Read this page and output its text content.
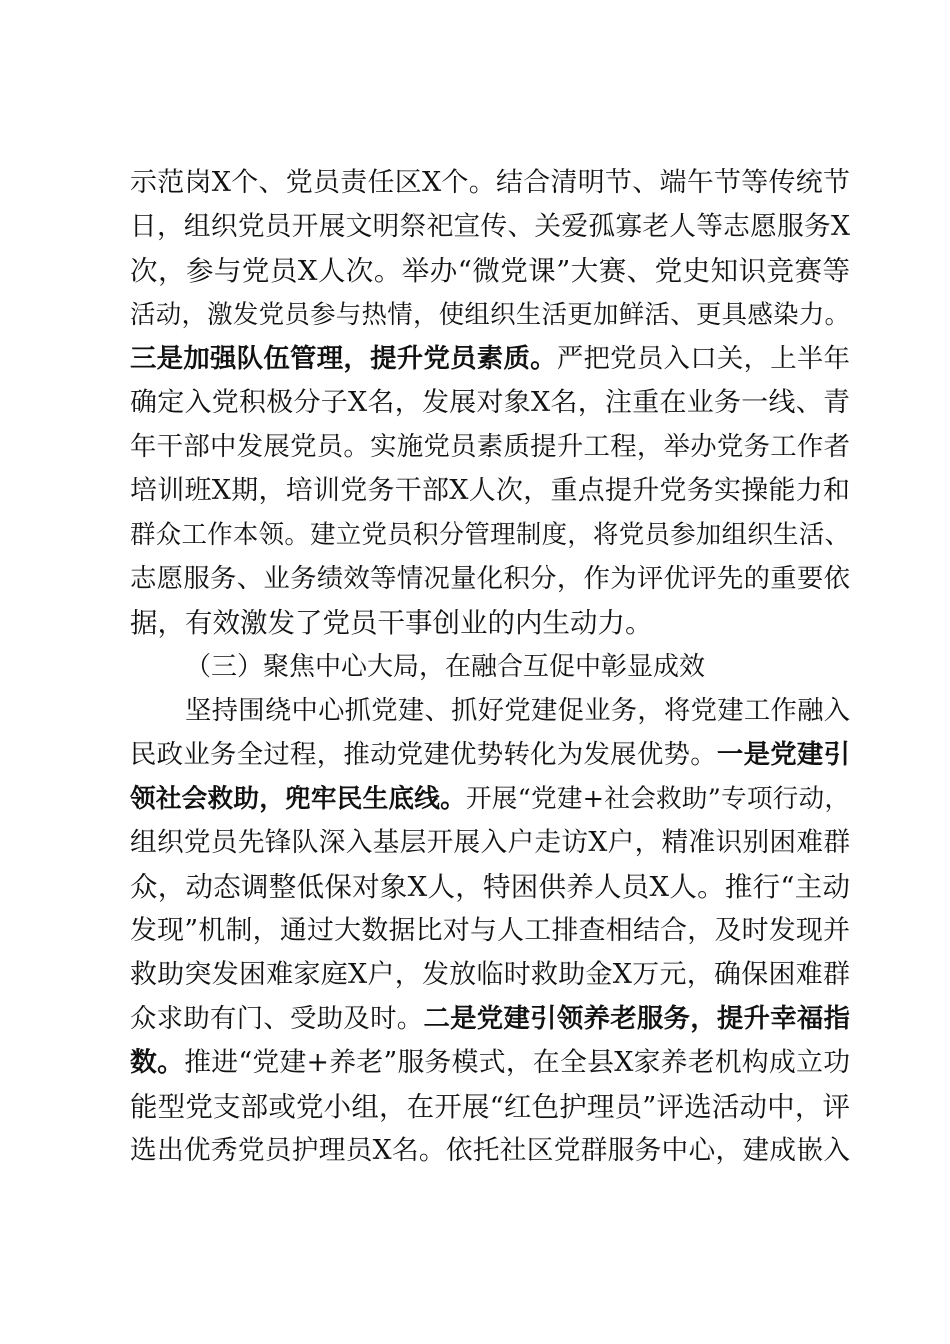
示范岗X个、党员责任区X个。结合清明节、端午节等传统节
日，组织党员开展文明祭祀宣传、关爱孤寡老人等志愿服务X
次，参与党员X人次。举办“微党课”大赛、党史知识竞赛等
活动，激发党员参与热情，使组织生活更加鲜活、更具感染力。
三是加强队伍管理，提升党员素质。严把党员入口关，上半年
确定入党积极分子X名，发展对象X名，注重在业务一线、青
年干部中发展党员。实施党员素质提升工程，举办党务工作者
培训班X期，培训党务干部X人次，重点提升党务实操能力和
群众工作本领。建立党员积分管理制度，将党员参加组织生活、
志愿服务、业务绩效等情况量化积分，作为评优评先的重要依
据，有效激发了党员干事创业的内生动力。
（三）聚焦中心大局，在融合互促中彰显成效
坚持围绕中心抓党建、抓好党建促业务，将党建工作融入
民政业务全过程，推动党建优势转化为发展优势。一是党建引
领社会救助，兜牢民生底线。开展“党建+社会救助”专项行动，
组织党员先锋队深入基层开展入户走访X户，精准识别困难群
众，动态调整低保对象X人，特困供养人员X人。推行“主动
发现”机制，通过大数据比对与人工排查相结合，及时发现并
救助突发困难家庭X户，发放临时救助金X万元，确保困难群
众求助有门、受助及时。二是党建引领养老服务，提升幸福指
数。推进“党建+养老”服务模式，在全县X家养老机构成立功
能型党支部或党小组，在开展“红色护理员”评选活动中，评
选出优秀党员护理员X名。依托社区党群服务中心，建成嵌入
